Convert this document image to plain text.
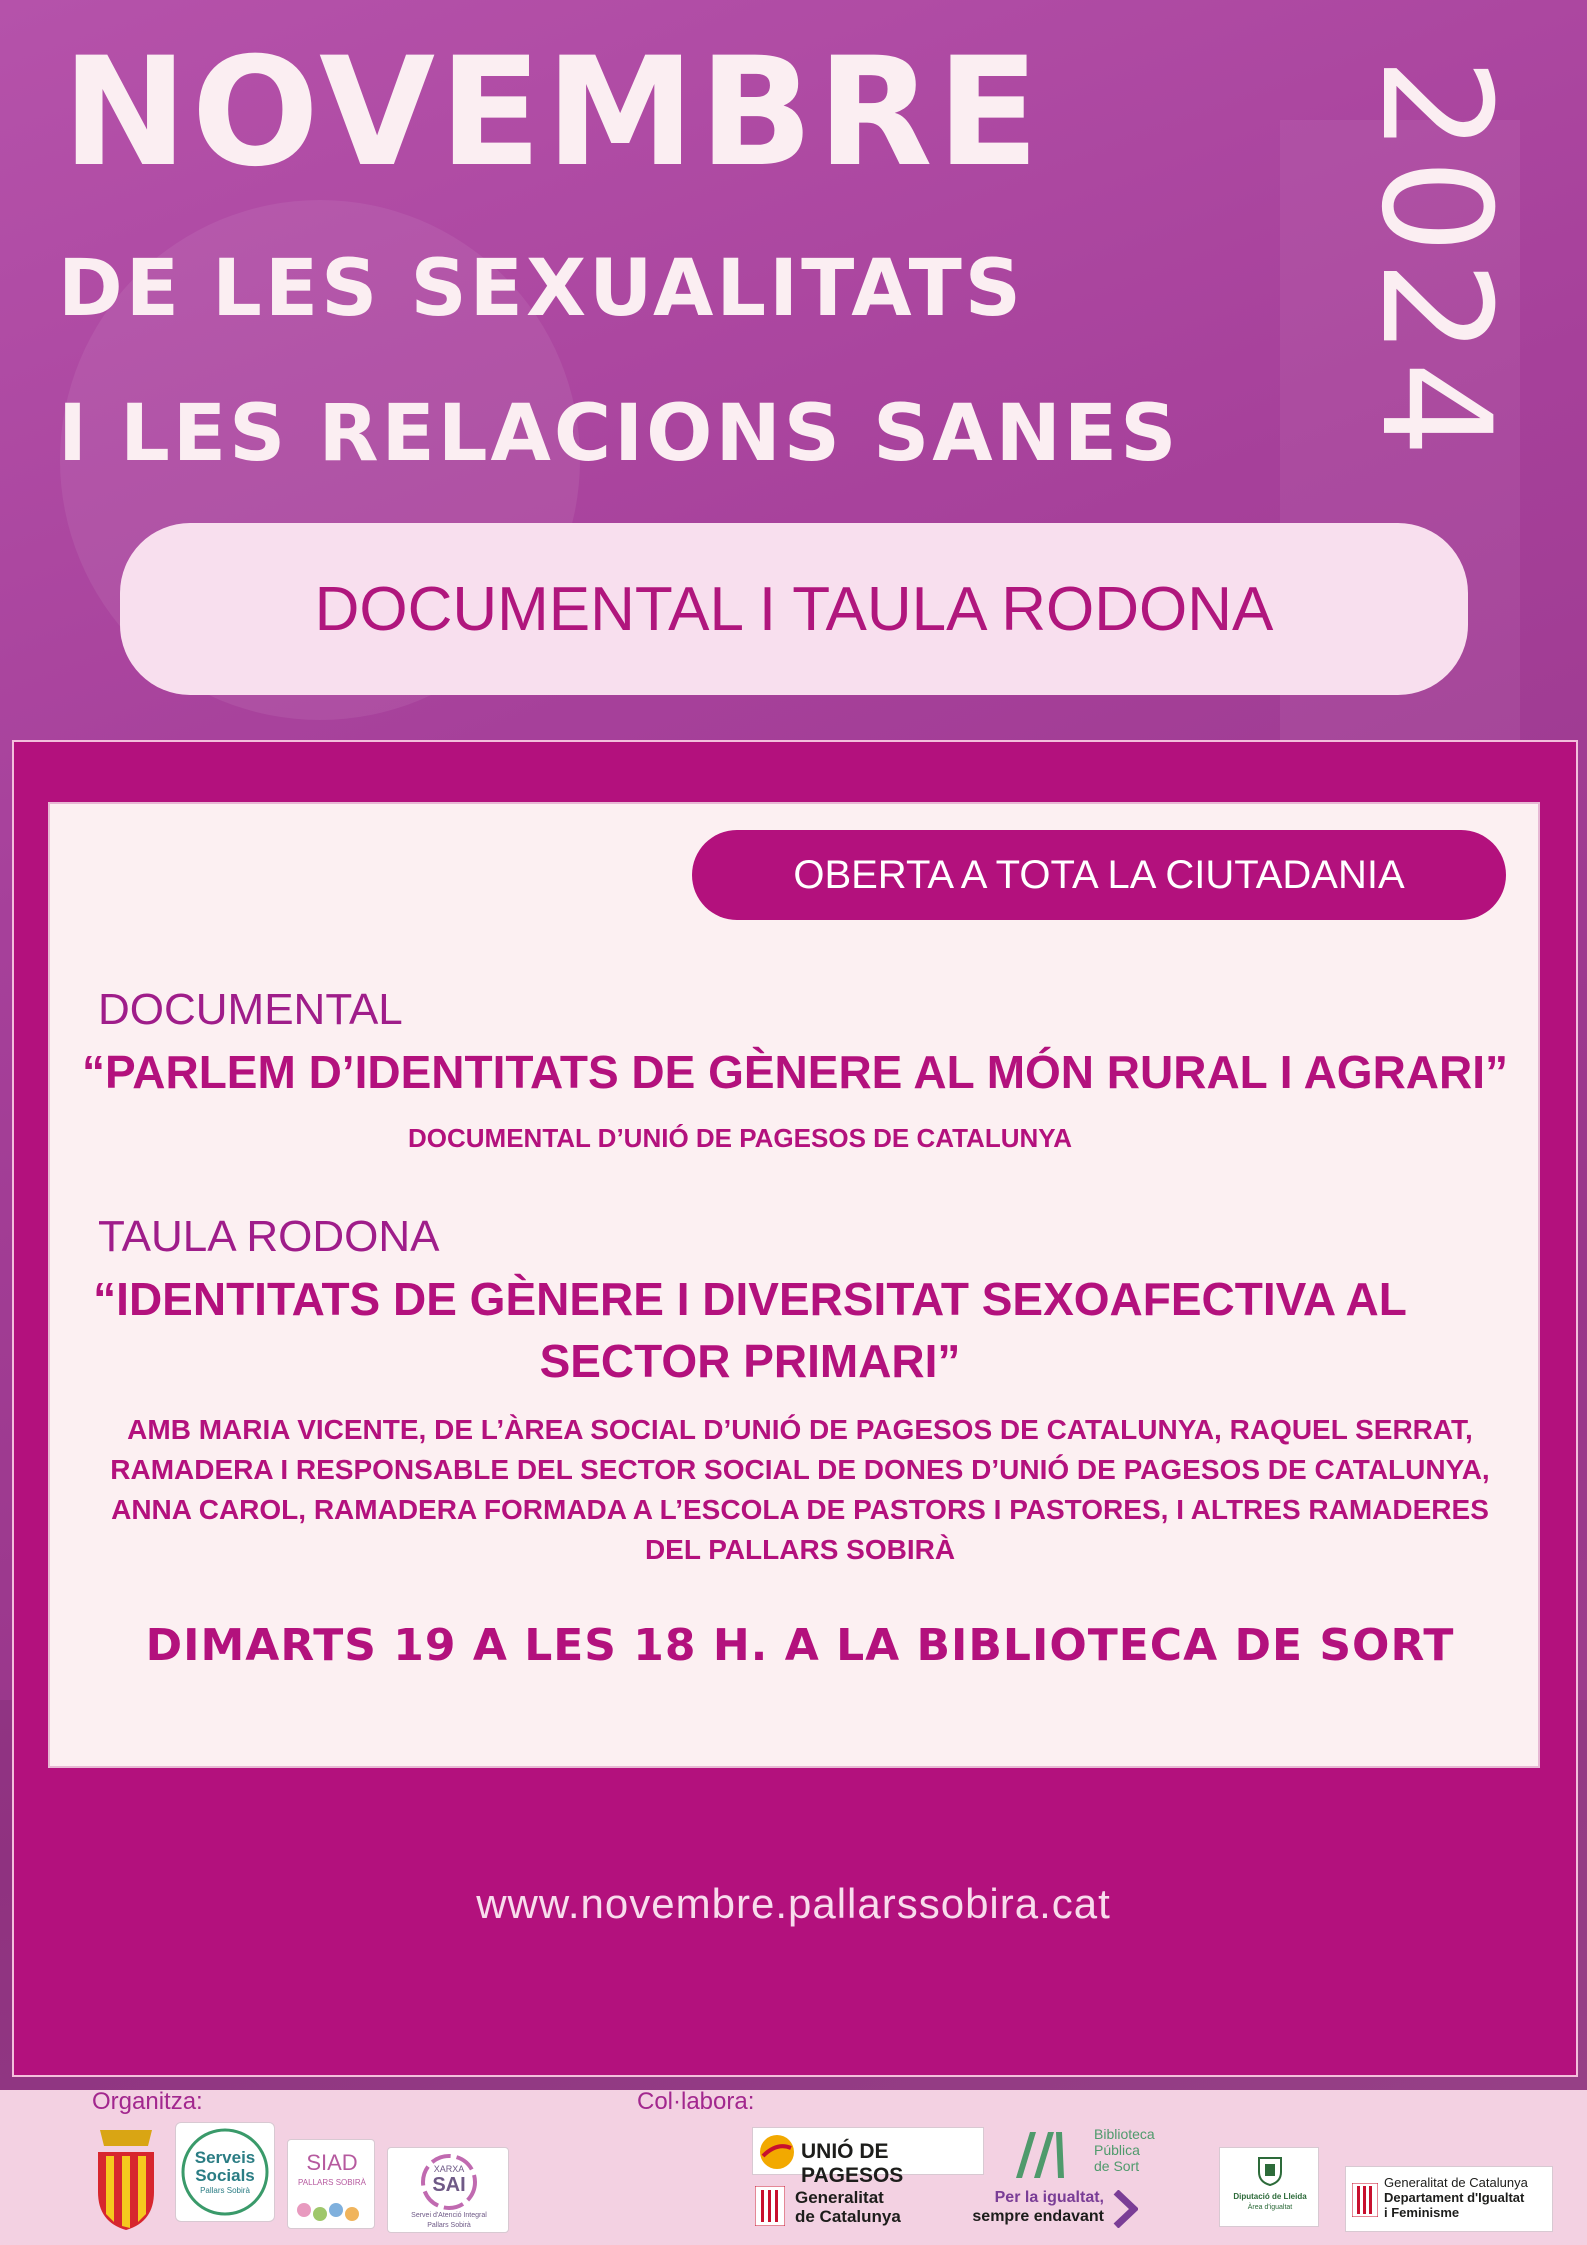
NOVEMBRE
DE LES SEXUALITATS
I LES RELACIONS SANES 2024
DOCUMENTAL I TAULA RODONA
OBERTA A TOTA LA CIUTADANIA
DOCUMENTAL
“PARLEM D’IDENTITATS DE GÈNERE AL MÓN RURAL I AGRARI”
DOCUMENTAL D’UNIÓ DE PAGESOS DE CATALUNYA
TAULA RODONA
“IDENTITATS DE GÈNERE I DIVERSITAT SEXOAFECTIVA AL
SECTOR PRIMARI”
AMB MARIA VICENTE, DE L’ÀREA SOCIAL D’UNIÓ DE PAGESOS DE CATALUNYA, RAQUEL SERRAT,
RAMADERA I RESPONSABLE DEL SECTOR SOCIAL DE DONES D’UNIÓ DE PAGESOS DE CATALUNYA,
ANNA CAROL, RAMADERA FORMADA A L’ESCOLA DE PASTORS I PASTORES, I ALTRES RAMADERES
DEL PALLARS SOBIRÀ
DIMARTS 19 A LES 18 H. A LA BIBLIOTECA DE SORT
www.novembre.pallarssobira.cat
Organitza:	Col·labora:
Serveis
Socials
Pallars Sobirà
SIAD
PALLARS SOBIRÀ
XARXA
SAI
Servei d'Atenció Integral
Pallars Sobirà
UNIÓ DE PAGESOS
Biblioteca
Pública
de Sort
Generalitat
de Catalunya
Per la igualtat,
sempre endavant
Diputació de Lleida
Àrea d'igualtat
Generalitat de Catalunya
Departament d'Igualtat
i Feminisme
